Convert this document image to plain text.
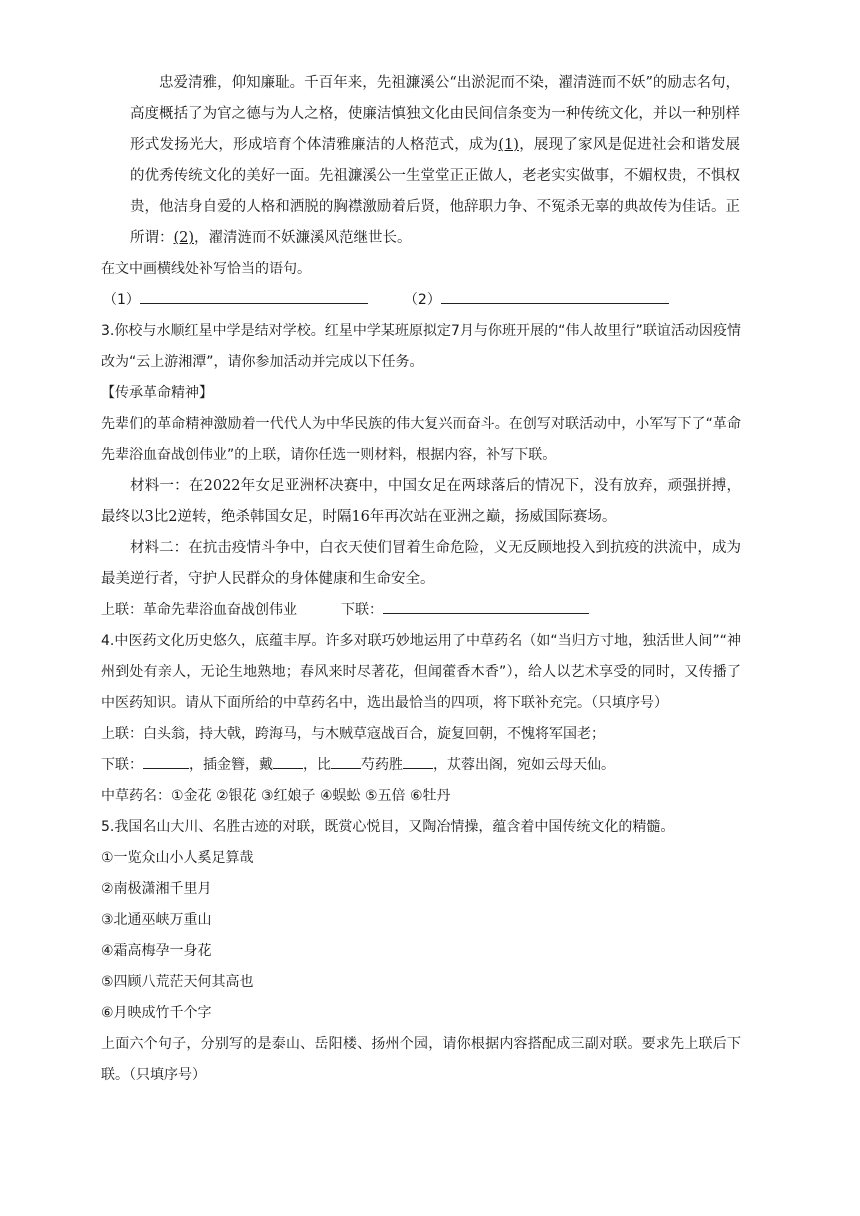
忠爱清雅，仰知廉耻。千百年来，先祖濂溪公“出淤泥而不染，濯清涟而不妖”的励志名句，高度概括了为官之德与为人之格，使廉洁慎独文化由民间信条变为一种传统文化，并以一种别样形式发扬光大，形成培育个体清雅廉洁的人格范式，成为(1)，展现了家风是促进社会和谐发展的优秀传统文化的美好一面。先祖濂溪公一生堂堂正正做人，老老实实做事，不媚权贵，不惧权贵，他洁身自爱的人格和洒脱的胸襟激励着后贤，他辞职力争、不冤杀无辜的典故传为佳话。正所谓：(2)，濯清涟而不妖濂溪风范继世长。

在文中画横线处补写恰当的语句。

（1）	（2）

3.你校与水顺红星中学是结对学校。红星中学某班原拟定7月与你班开展的“伟人故里行”联谊活动因疫情改为“云上游湘潭”，请你参加活动并完成以下任务。

【传承革命精神】

先辈们的革命精神激励着一代代人为中华民族的伟大复兴而奋斗。在创写对联活动中，小军写下了“革命先辈浴血奋战创伟业”的上联，请你任选一则材料，根据内容，补写下联。

材料一：在2022年女足亚洲杯决赛中，中国女足在两球落后的情况下，没有放弃，顽强拼搏，最终以3比2逆转，绝杀韩国女足，时隔16年再次站在亚洲之巅，扬威国际赛场。

材料二：在抗击疫情斗争中，白衣天使们冒着生命危险，义无反顾地投入到抗疫的洪流中，成为最美逆行者，守护人民群众的身体健康和生命安全。

上联：革命先辈浴血奋战创伟业	下联：

4.中医药文化历史悠久，底蕴丰厚。许多对联巧妙地运用了中草药名（如“当归方寸地，独活世人间”“神州到处有亲人，无论生地熟地；春风来时尽著花，但闻藿香木香”），给人以艺术享受的同时，又传播了中医药知识。请从下面所给的中草药名中，选出最恰当的四项，将下联补充完。（只填序号）

上联：白头翁，持大戟，跨海马，与木贼草寇战百合，旋复回朝，不愧将军国老；

下联：	，插金簪，戴 ，比 芍药胜 ，苁蓉出阁，宛如云母天仙。

中草药名：①金花 ②银花 ③红娘子 ④蜈蚣 ⑤五倍 ⑥牡丹

5.我国名山大川、名胜古迹的对联，既赏心悦目，又陶冶情操，蕴含着中国传统文化的精髓。

①一览众山小人奚足算哉

②南极潇湘千里月

③北通巫峡万重山

④霜高梅孕一身花

⑤四顾八荒茫天何其高也

⑥月映成竹千个字

上面六个句子，分别写的是泰山、岳阳楼、扬州个园，请你根据内容搭配成三副对联。要求先上联后下联。（只填序号）
